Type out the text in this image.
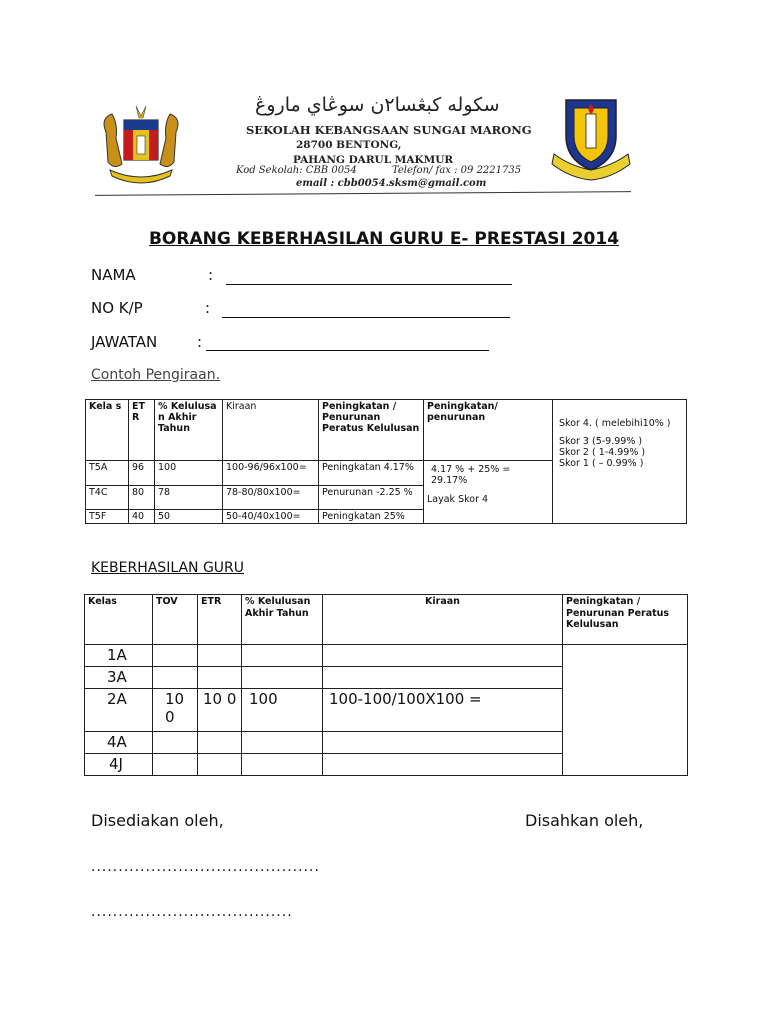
سكوله كبڠسا٢ن سوڠاي ماروڠ
SEKOLAH KEBANGSAAN SUNGAI MARONG
28700 BENTONG,
PAHANG DARUL MAKMUR
Kod Sekolah: CBB 0054	Telefon/ fax : 09 2221735
email : cbb0054.sksm@gmail.com
BORANG KEBERHASILAN GURU E- PRESTASI 2014
NAMA	:
NO K/P	:
JAWATAN	:
Contoh Pengiraan.
Kela s	ET R	% Kelulusa n Akhir Tahun	Kiraan	Peningkatan / Penurunan Peratus Kelulusan	Peningkatan/ penurunan	Skor 4. ( melebihi10% )
Skor 3 (5-9.99% )
Skor 2 ( 1-4.99% )
Skor 1 ( – 0.99% )

T5A	96	100	100-96/96x100=	Peningkatan 4.17%	4.17 % + 25% = 29.17%
Layak Skor 4	

T4C	80	78	78-80/80x100=	Penurunan -2.25 %		
T5F	40	50	50-40/40x100=	Peningkatan 25%		
KEBERHASILAN GURU
Kelas	TOV	ETR	% Kelulusan Akhir Tahun	Kiraan	Peningkatan / Penurunan Peratus Kelulusan
1A					
3A					
2A	10 0	10 0	100	100-100/100X100 =	
4A					
4J					
Disediakan oleh,	Disahkan oleh,
..........................................
.....................................
